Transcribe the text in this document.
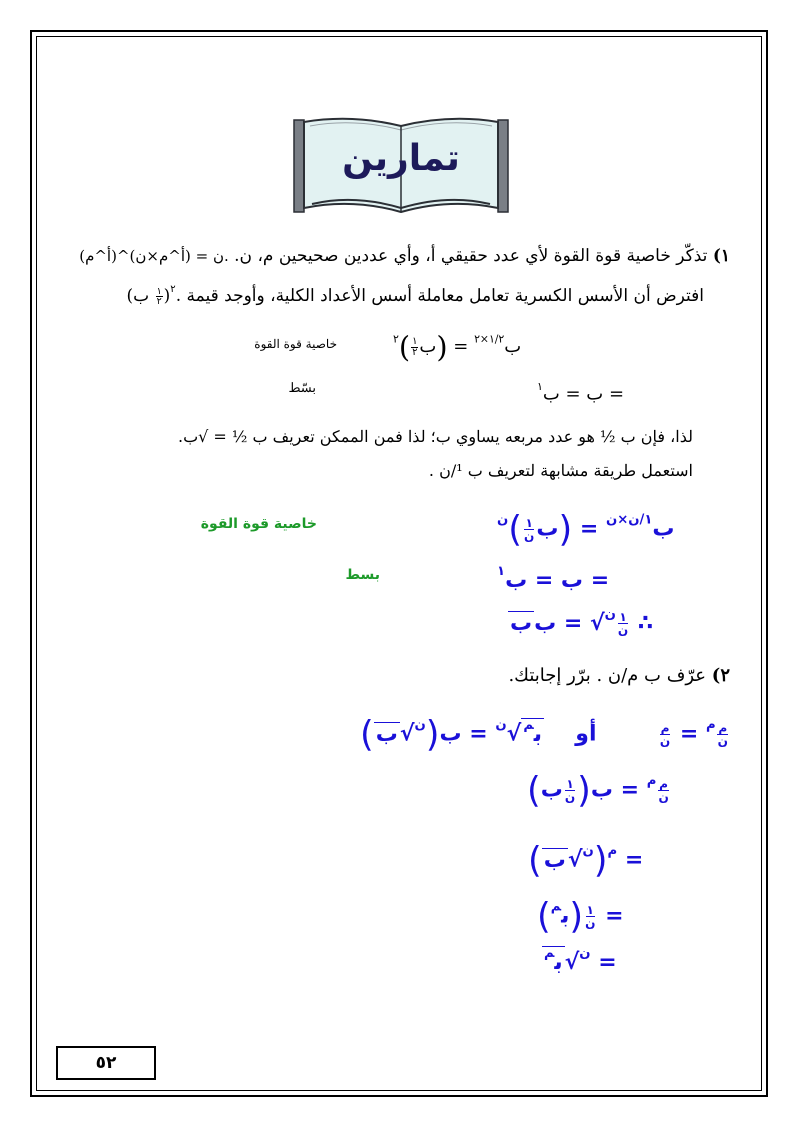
تمارين
١) تذكّر خاصية قوة القوة لأي عدد حقيقي أ، وأي عددين صحيحين م، ن. (أ^م)^ن = (أ^م×ن).
افترض أن الأسس الكسرية تعامل معاملة أسس الأعداد الكلية، وأوجد قيمة (ب $\frac{١}{٢} )^٢$.
ب$^{١/٢\times ٢}$ = (ب
$\frac{١}{٢}$
)$^٢$
خاصية قوة القوة
ب = ب$^١$	=
بسّط
لذا، فإن ب ½ هو عدد مربعه يساوي ب؛ لذا فمن الممكن تعريف ب ½ = √ب.
استعمل طريقة مشابهة لتعريف ب ¹/ن .
ب$^{١/ن\times ن}$ = (ب
$\frac{١}{\text{ن}}$
)$^ن$
خاصية قوة القوة
ب = ب$^١$	=
بسط
ب	$^ن$√ = ب $\frac{١}{\text{ن}}$ ∴
٢) عرّف ب م/ن . برّر إجابتك.
(ب√$^ن$)	$^م$ =
$\frac{\text{م}}{\text{ن}}$
أو  ب$^م$√$^ن$ = ب	$\frac{\text{م}}{\text{ن}}$
(ب $\frac{١}{\text{ن}}$ )	$^م$ = ب $\frac{\text{م}}{\text{ن}}$
(ب√$^ن$)$^م$ =
( ب$^م$ ) $\frac{١}{\text{ن}}$ =
ب$^م$ √$^ن$ =
٥٢
